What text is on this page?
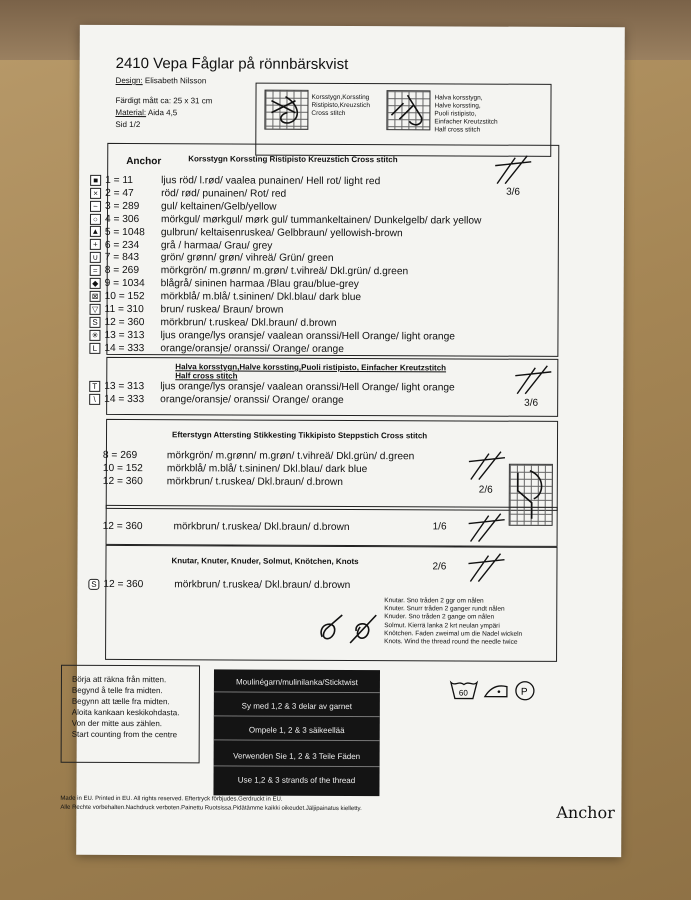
2410 Vepa Fåglar på rönnbärskvist
Design: Elisabeth Nilsson
Färdigt mått ca: 25 x 31 cm
Material: Aida 4,5
Sid 1/2
Korsstygn,Korssting
Ristipisto,Kreuzstich
Cross stitch
Halva korsstygn,
Halve korssting,
Puoli ristipisto,
Einfacher Kreutzstitch
Half cross stitch
Anchor	Korsstygn Korssting Ristipisto Kreuzstich Cross stitch
3/6
■ 1 = 11	ljus röd/ l.rød/ vaalea punainen/ Hell rot/ light red
× 2 = 47	röd/ rød/ punainen/ Rot/ red
− 3 = 289 gul/ keltainen/Gelb/yellow
○ 4 = 306 mörkgul/ mørkgul/ mørk gul/ tummankeltainen/ Dunkelgelb/ dark yellow
▲ 5 = 1048 gulbrun/ keltaisenruskea/ Gelbbraun/ yellowish-brown
+ 6 = 234 grå / harmaa/ Grau/ grey
∪ 7 = 843 grön/ grønn/ grøn/ vihreä/ Grün/ green
= 8 = 269 mörkgrön/ m.grønn/ m.grøn/ t.vihreä/ Dkl.grün/ d.green
◆ 9 = 1034 blågrå/ sininen harmaa /Blau grau/blue-grey
⊠ 10 = 152 mörkblå/ m.blå/ t.sininen/ Dkl.blau/ dark blue
▽ 11 = 310 brun/ ruskea/ Braun/ brown
S 12 = 360 mörkbrun/ t.ruskea/ Dkl.braun/ d.brown
✳ 13 = 313 ljus orange/lys oransje/ vaalean oranssi/Hell Orange/ light orange
L 14 = 333 orange/oransje/ oranssi/ Orange/ orange
Halva korsstygn,Halve korssting,Puoli ristipisto, Einfacher Kreutzstitch
Half cross stitch
3/6
T 13 = 313 ljus orange/lys oransje/ vaalean oranssi/Hell Orange/ light orange
\ 14 = 333 orange/oransje/ oranssi/ Orange/ orange
Efterstygn Attersting Stikkesting Tikkipisto Steppstich Cross stitch
2/6
8 = 269	mörkgrön/ m.grønn/ m.grøn/ t.vihreä/ Dkl.grün/ d.green
10 = 152 mörkblå/ m.blå/ t.sininen/ Dkl.blau/ dark blue
12 = 360 mörkbrun/ t.ruskea/ Dkl.braun/ d.brown
12 = 360	mörkbrun/ t.ruskea/ Dkl.braun/ d.brown	1/6
Knutar, Knuter, Knuder, Solmut, Knötchen, Knots
2/6
S 12 = 360	mörkbrun/ t.ruskea/ Dkl.braun/ d.brown
Knutar. Sno tråden 2 ggr om nålen
Knuter. Snurr tråden 2 ganger rundt nålen
Knuder. Sno tråden 2 gange om nålen
Solmut. Kierrä lanka 2 krt neulan ympäri
Knötchen. Faden zweimal um die Nadel wickeln
Knots. Wind the thread round the needle twice
Börja att räkna från mitten.
Begynd å telle fra midten.
Begynn att tælle fra midten.
Aloita kankaan keskikohdasta.
Von der mitte aus zählen.
Start counting from the centre
Moulinégarn/mulinilanka/Sticktwist
Sy med 1,2 & 3 delar av garnet
Ompele 1, 2 & 3 säikeellää
Verwenden Sie 1, 2 & 3 Teile Fäden
Use 1,2 & 3 strands of the thread
60	P
Made in EU. Printed in EU. All rights reserved. Eftertryck förbjudes.Gerdruckt in EU.
Alle Rechte vorbehalten.Nachdruck verboten.Painettu Ruotsissa.Pidätämme kaikki oikeudet.Jäljipainatus kielletty.	Anchor
